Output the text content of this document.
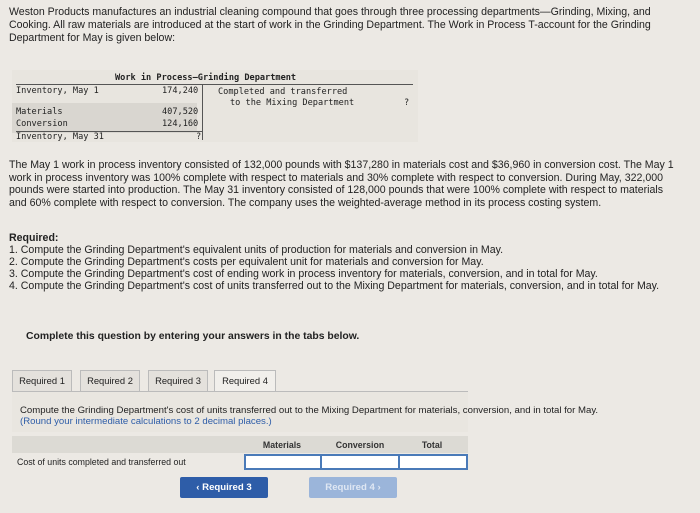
Weston Products manufactures an industrial cleaning compound that goes through three processing departments—Grinding, Mixing, and Cooking. All raw materials are introduced at the start of work in the Grinding Department. The Work in Process T-account for the Grinding Department for May is given below:
Work in Process—Grinding Department
Inventory, May 1	174,240
Materials	407,520
Conversion	124,160
Inventory, May 31	?
Completed and transferred
to the Mixing Department	?
The May 1 work in process inventory consisted of 132,000 pounds with $137,280 in materials cost and $36,960 in conversion cost. The May 1 work in process inventory was 100% complete with respect to materials and 30% complete with respect to conversion. During May, 322,000 pounds were started into production. The May 31 inventory consisted of 128,000 pounds that were 100% complete with respect to materials and 60% complete with respect to conversion. The company uses the weighted-average method in its process costing system.
Required:
1. Compute the Grinding Department's equivalent units of production for materials and conversion in May.
2. Compute the Grinding Department's costs per equivalent unit for materials and conversion for May.
3. Compute the Grinding Department's cost of ending work in process inventory for materials, conversion, and in total for May.
4. Compute the Grinding Department's cost of units transferred out to the Mixing Department for materials, conversion, and in total for May.
Complete this question by entering your answers in the tabs below.
Required 1	Required 2	Required 3	Required 4
Compute the Grinding Department's cost of units transferred out to the Mixing Department for materials, conversion, and in total for May. (Round your intermediate calculations to 2 decimal places.)
Materials	Conversion	Total
Cost of units completed and transferred out
‹ Required 3	Required 4 ›
